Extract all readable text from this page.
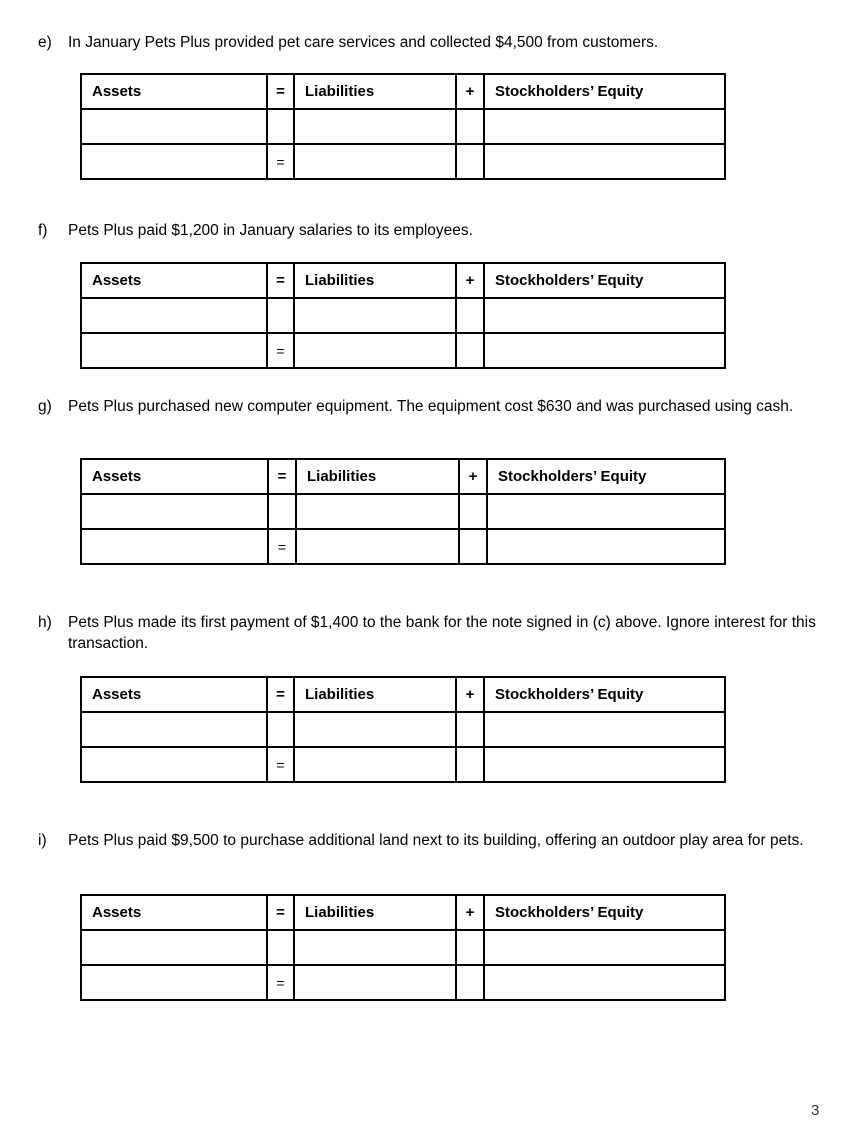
e) In January Pets Plus provided pet care services and collected $4,500 from customers.
Assets	=	Liabilities	+	Stockholders’ Equity

	=			
f) Pets Plus paid $1,200 in January salaries to its employees.
Assets	=	Liabilities	+	Stockholders’ Equity

	=			
g) Pets Plus purchased new computer equipment. The equipment cost $630 and was purchased using cash.
Assets	=	Liabilities	+	Stockholders’ Equity

	=			
h) Pets Plus made its first payment of $1,400 to the bank for the note signed in (c) above. Ignore interest for this transaction.
Assets	=	Liabilities	+	Stockholders’ Equity

	=			
i) Pets Plus paid $9,500 to purchase additional land next to its building, offering an outdoor play area for pets.
Assets	=	Liabilities	+	Stockholders’ Equity

	=			
3
